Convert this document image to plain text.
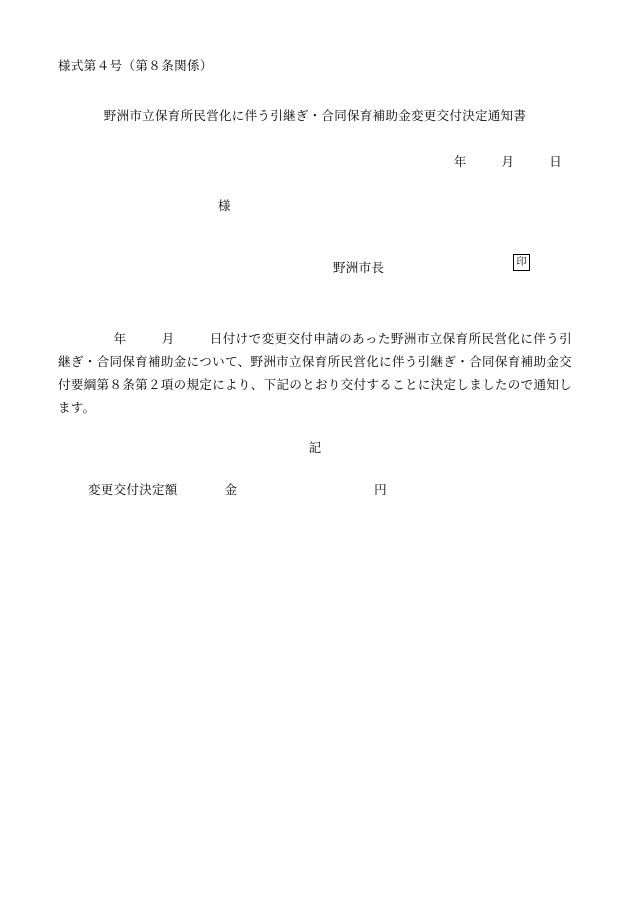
様式第４号（第８条関係）
野洲市立保育所民営化に伴う引継ぎ・合同保育補助金変更交付決定通知書
年	月	日
様
野洲市長	印
年	月	日付けで変更交付申請のあった野洲市立保育所民営化に伴う引継ぎ・合同保育補助金について、野洲市立保育所民営化に伴う引継ぎ・合同保育補助金交付要綱第８条第２項の規定により、下記のとおり交付することに決定しましたので通知します。
記
変更交付決定額	金	円
